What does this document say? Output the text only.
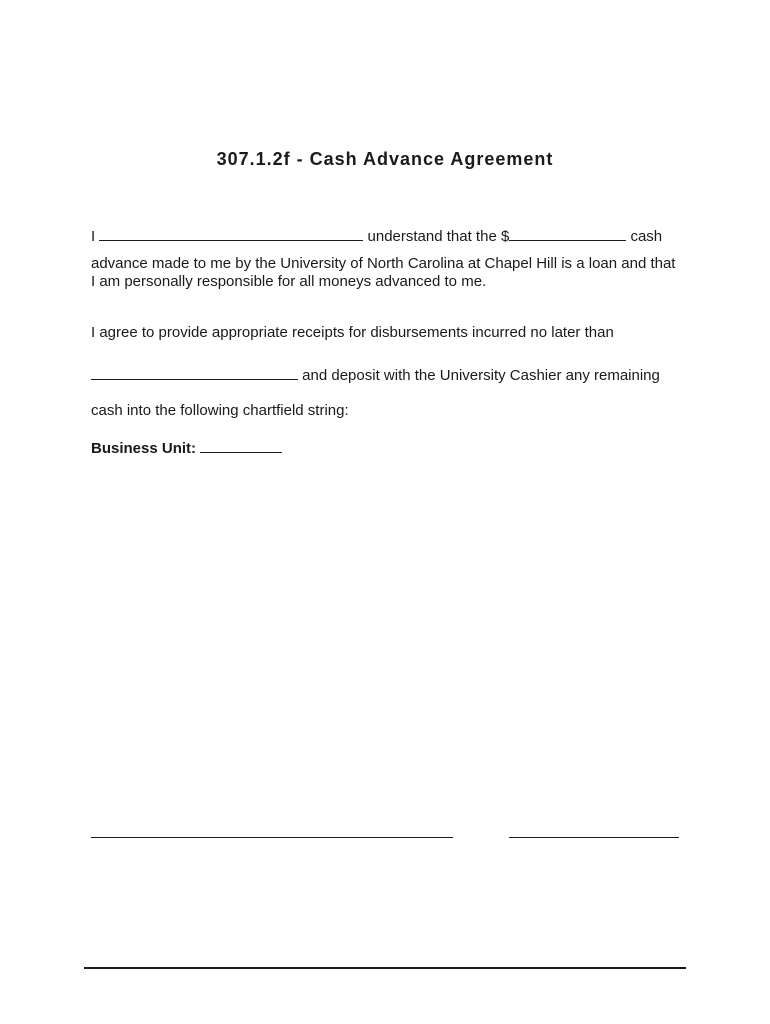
307.1.2f - Cash Advance Agreement
I	understand that the $	cash
advance made to me by the University of North Carolina at Chapel Hill is a loan and that
I am personally responsible for all moneys advanced to me.
I agree to provide appropriate receipts for disbursements incurred no later than
and deposit with the University Cashier any remaining
cash into the following chartfield string:
Business Unit:
